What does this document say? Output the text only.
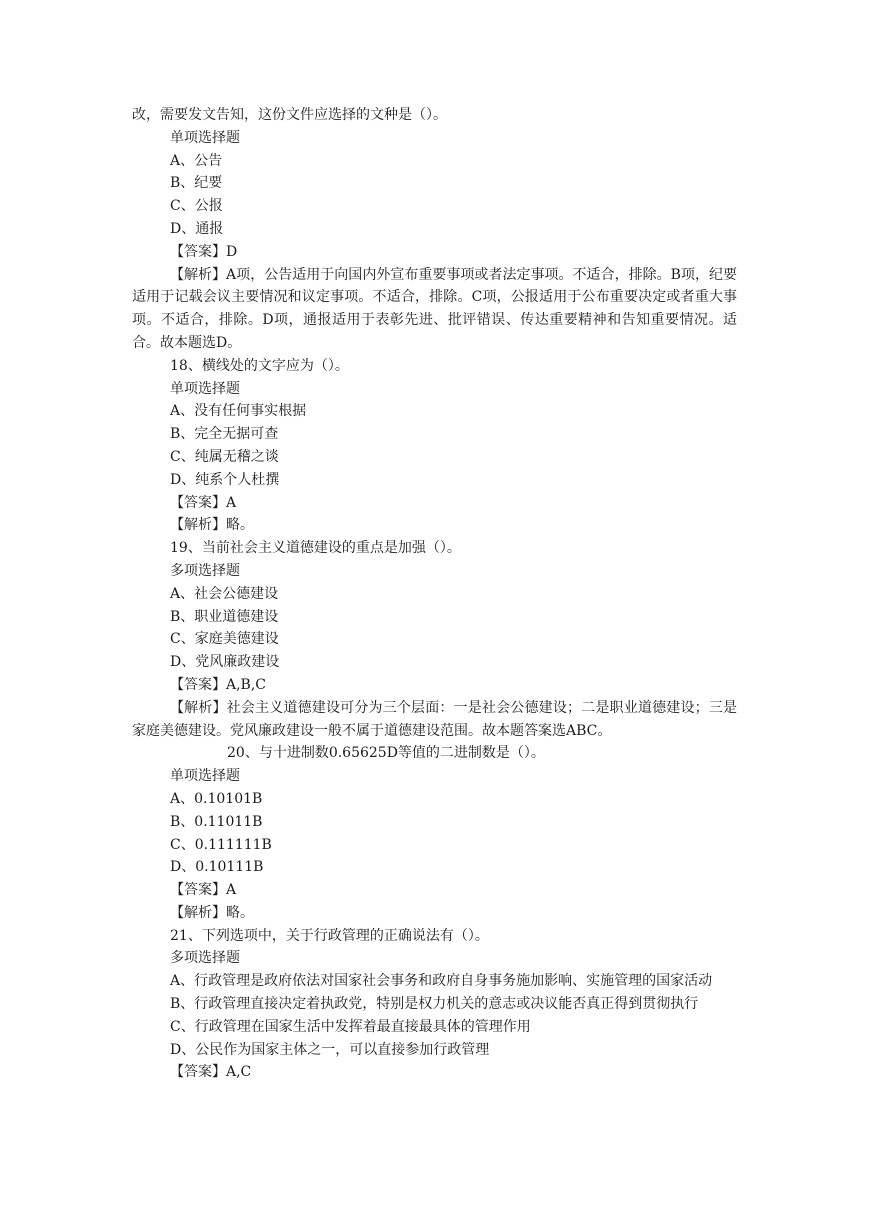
改，需要发文告知，这份文件应选择的文种是（）。
单项选择题
A、公告
B、纪要
C、公报
D、通报
【答案】D
【解析】A项，公告适用于向国内外宣布重要事项或者法定事项。不适合，排除。B项，纪要适用于记载会议主要情况和议定事项。不适合，排除。C项，公报适用于公布重要决定或者重大事项。不适合，排除。D项，通报适用于表彰先进、批评错误、传达重要精神和告知重要情况。适合。故本题选D。
18、横线处的文字应为（）。
单项选择题
A、没有任何事实根据
B、完全无据可查
C、纯属无稽之谈
D、纯系个人杜撰
【答案】A
【解析】略。
19、当前社会主义道德建设的重点是加强（）。
多项选择题
A、社会公德建设
B、职业道德建设
C、家庭美德建设
D、党风廉政建设
【答案】A,B,C
【解析】社会主义道德建设可分为三个层面：一是社会公德建设；二是职业道德建设；三是家庭美德建设。党风廉政建设一般不属于道德建设范围。故本题答案选ABC。
20、与十进制数0.65625D等值的二进制数是（）。
单项选择题
A、0.10101B
B、0.11011B
C、0.111111B
D、0.10111B
【答案】A
【解析】略。
21、下列选项中，关于行政管理的正确说法有（）。
多项选择题
A、行政管理是政府依法对国家社会事务和政府自身事务施加影响、实施管理的国家活动
B、行政管理直接决定着执政党，特别是权力机关的意志或决议能否真正得到贯彻执行
C、行政管理在国家生活中发挥着最直接最具体的管理作用
D、公民作为国家主体之一，可以直接参加行政管理
【答案】A,C
